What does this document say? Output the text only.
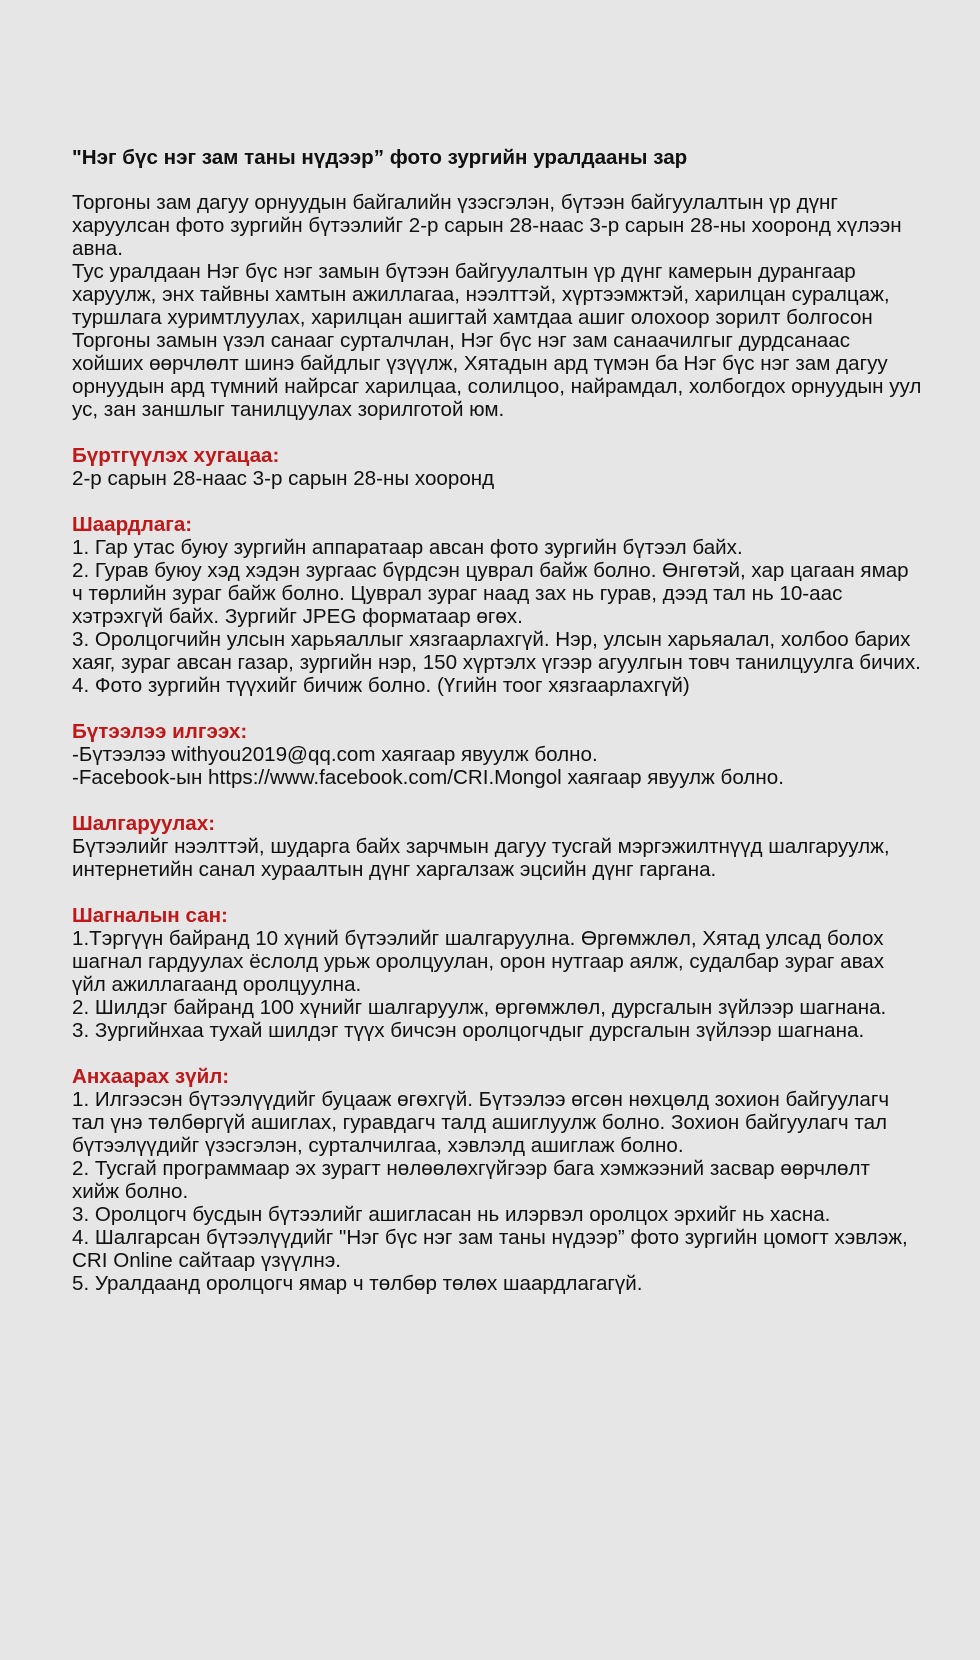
"Нэг бүс нэг зам таны нүдээр” фото зургийн уралдааны зар

Торгоны зам дагуу орнуудын байгалийн үзэсгэлэн, бүтээн байгуулалтын үр дүнг харуулсан фото зургийн бүтээлийг 2-р сарын 28-наас 3-р сарын 28-ны хооронд хүлээн авна.

Тус уралдаан Нэг бүс нэг замын бүтээн байгуулалтын үр дүнг камерын дурангаар харуулж, энх тайвны хамтын ажиллагаа, нээлттэй, хүртээмжтэй, харилцан суралцаж, туршлага хуримтлуулах, харилцан ашигтай хамтдаа ашиг олохоор зорилт болгосон Торгоны замын үзэл санааг сурталчлан, Нэг бүс нэг зам санаачилгыг дурдсанаас хойших өөрчлөлт шинэ байдлыг үзүүлж, Хятадын ард түмэн ба Нэг бүс нэг зам дагуу орнуудын ард түмний найрсаг харилцаа, солилцоо, найрамдал, холбогдох орнуудын уул ус, зан заншлыг танилцуулах зорилготой юм.

Бүртгүүлэх хугацаа:

2-р сарын 28-наас 3-р сарын 28-ны хооронд

Шаардлага:

1. Гар утас буюу зургийн аппаратаар авсан фото зургийн бүтээл байх.

2. Гурав буюу хэд хэдэн зургаас бүрдсэн цуврал байж болно. Өнгөтэй, хар цагаан ямар ч төрлийн зураг байж болно. Цуврал зураг наад зах нь гурав, дээд тал нь 10-аас хэтрэхгүй байх. Зургийг JPEG форматаар өгөх.

3. Оролцогчийн улсын харьяаллыг хязгаарлахгүй. Нэр, улсын харьяалал, холбоо барих хаяг, зураг авсан газар, зургийн нэр, 150 хүртэлх үгээр агуулгын товч танилцуулга бичих.

4. Фото зургийн түүхийг бичиж болно. (Үгийн тоог хязгаарлахгүй)

Бүтээлээ илгээх:

-Бүтээлээ withyou2019@qq.com хаягаар явуулж болно.

-Facebook-ын https://www.facebook.com/CRI.Mongol хаягаар явуулж болно.

Шалгаруулах:

Бүтээлийг нээлттэй, шударга байх зарчмын дагуу тусгай мэргэжилтнүүд шалгаруулж, интернетийн санал хураалтын дүнг харгалзаж эцсийн дүнг гаргана.

Шагналын сан:

1.Тэргүүн байранд 10 хүний бүтээлийг шалгаруулна. Өргөмжлөл, Хятад улсад болох шагнал гардуулах ёслолд урьж оролцуулан, орон нутгаар аялж, судалбар зураг авах үйл ажиллагаанд оролцуулна.

2. Шилдэг байранд 100 хүнийг шалгаруулж, өргөмжлөл, дурсгалын зүйлээр шагнана.

3. Зургийнхаа тухай шилдэг түүх бичсэн оролцогчдыг дурсгалын зүйлээр шагнана.

Анхаарах зүйл:

1. Илгээсэн бүтээлүүдийг буцааж өгөхгүй. Бүтээлээ өгсөн нөхцөлд зохион байгуулагч тал үнэ төлбөргүй ашиглах, гуравдагч талд ашиглуулж болно. Зохион байгуулагч тал бүтээлүүдийг үзэсгэлэн, сурталчилгаа, хэвлэлд ашиглаж болно.

2. Тусгай программаар эх зурагт нөлөөлөхгүйгээр бага хэмжээний засвар өөрчлөлт хийж болно.

3. Оролцогч бусдын бүтээлийг ашигласан нь илэрвэл оролцох эрхийг нь хасна.

4. Шалгарсан бүтээлүүдийг "Нэг бүс нэг зам таны нүдээр” фото зургийн цомогт хэвлэж, CRI Online сайтаар үзүүлнэ.

5. Уралдаанд оролцогч ямар ч төлбөр төлөх шаардлагагүй.
